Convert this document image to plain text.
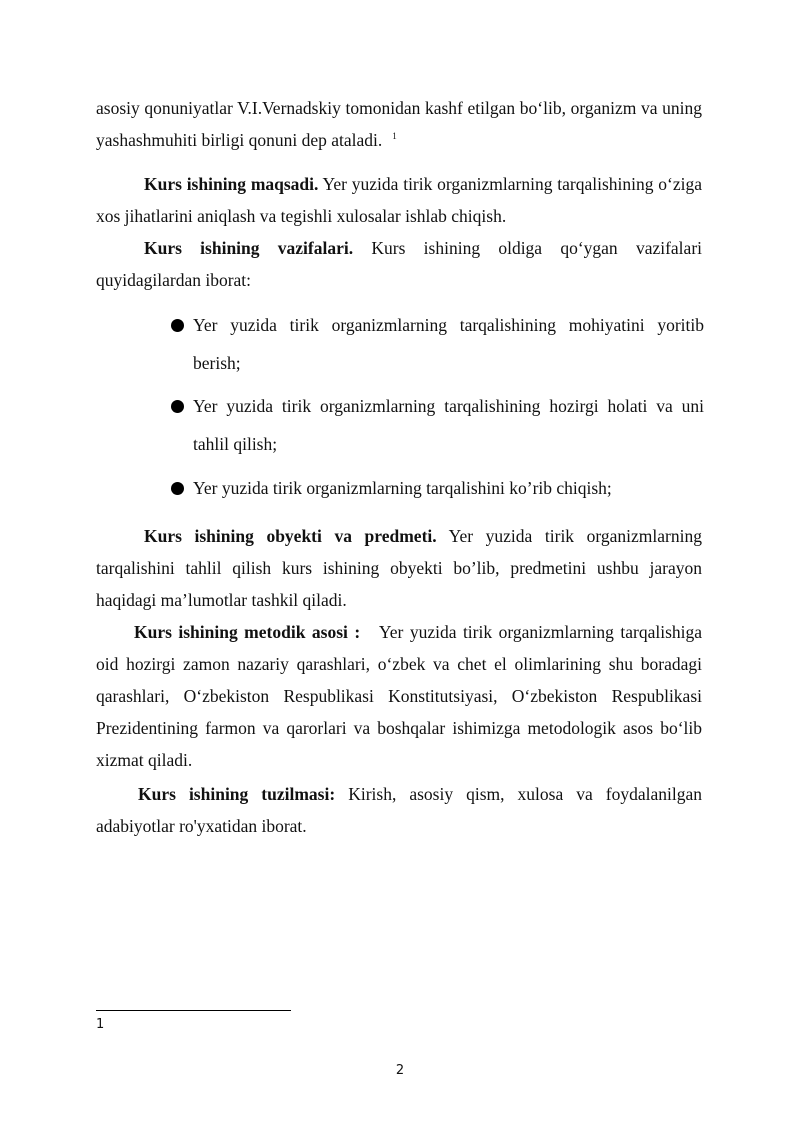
asosiy qonuniyatlar V.I.Vernadskiy tomonidan kashf etilgan bo‘lib, organizm va uning yashashmuhiti birligi qonuni dep ataladi. $^1$

Kurs ishining maqsadi. Yer yuzida tirik organizmlarning tarqalishining o‘ziga xos jihatlarini aniqlash va tegishli xulosalar ishlab chiqish.

Kurs ishining vazifalari. Kurs ishining oldiga qo‘ygan vazifalari quyidagilardan iborat:

Yer yuzida tirik organizmlarning tarqalishining mohiyatini yoritib berish;
Yer yuzida tirik organizmlarning tarqalishining hozirgi holati va uni tahlil qilish;
Yer yuzida tirik organizmlarning tarqalishini ko’rib chiqish;

Kurs ishining obyekti va predmeti. Yer yuzida tirik organizmlarning tarqalishini tahlil qilish kurs ishining obyekti bo’lib, predmetini ushbu jarayon haqidagi ma’lumotlar tashkil qiladi.

Kurs ishining metodik asosi : Yer yuzida tirik organizmlarning tarqalishiga oid hozirgi zamon nazariy qarashlari, o‘zbek va chet el olimlarining shu boradagi qarashlari, O‘zbekiston Respublikasi Konstitutsiyasi, O‘zbekiston Respublikasi Prezidentining farmon va qarorlari va boshqalar ishimizga metodologik asos bo‘lib xizmat qiladi.

Kurs ishining tuzilmasi: Kirish, asosiy qism, xulosa va foydalanilgan adabiyotlar ro'yxatidan iborat.

1
2
